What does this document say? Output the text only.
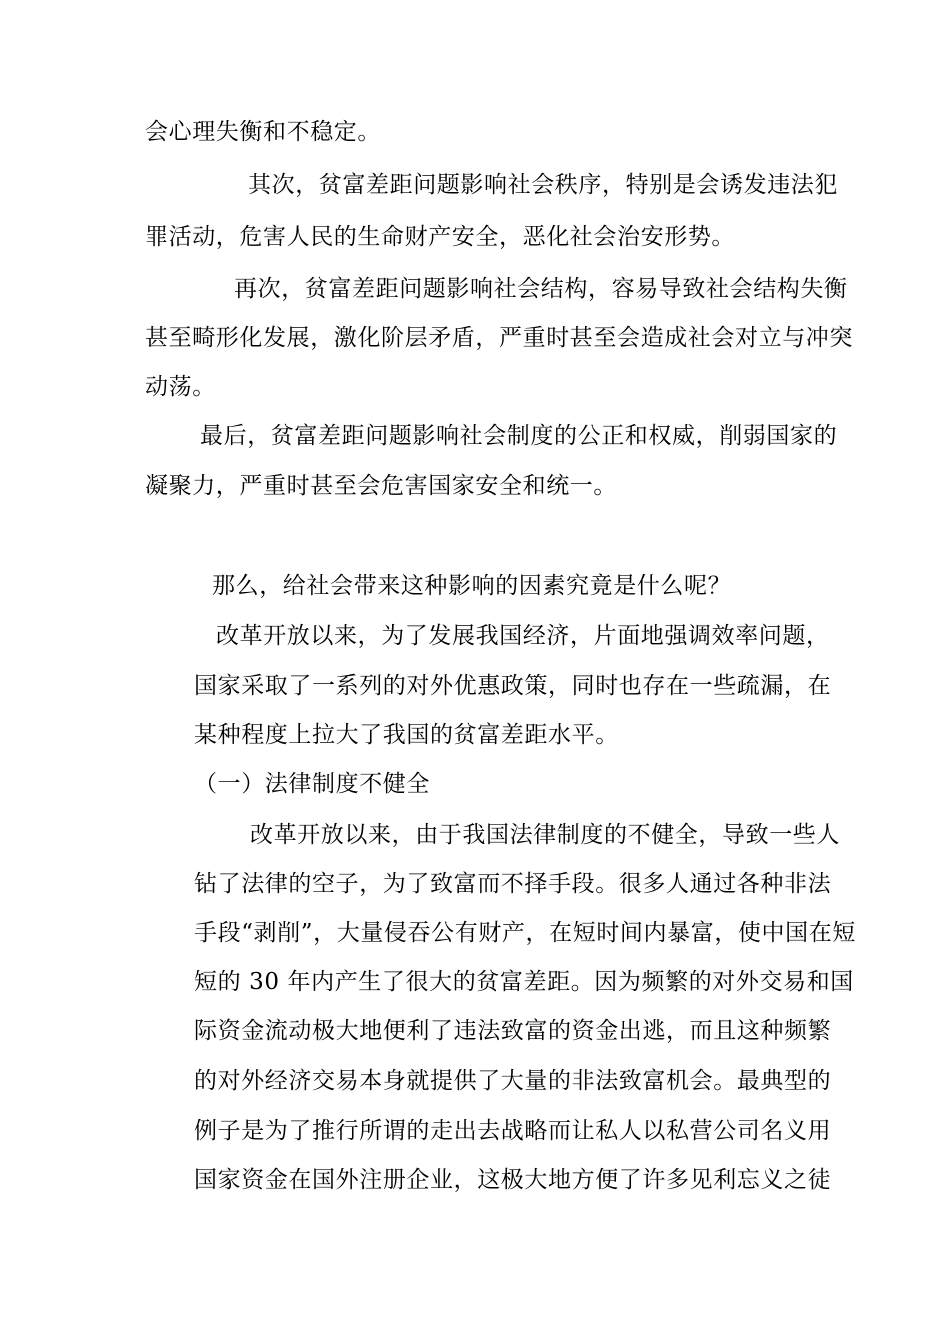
会心理失衡和不稳定。
其次，贫富差距问题影响社会秩序，特别是会诱发违法犯
罪活动，危害人民的生命财产安全，恶化社会治安形势。
再次，贫富差距问题影响社会结构，容易导致社会结构失衡
甚至畸形化发展，激化阶层矛盾，严重时甚至会造成社会对立与冲突
动荡。
最后，贫富差距问题影响社会制度的公正和权威，削弱国家的
凝聚力，严重时甚至会危害国家安全和统一。
那么，给社会带来这种影响的因素究竟是什么呢？
改革开放以来，为了发展我国经济，片面地强调效率问题，
国家采取了一系列的对外优惠政策，同时也存在一些疏漏，在
某种程度上拉大了我国的贫富差距水平。
（一）法律制度不健全
改革开放以来，由于我国法律制度的不健全，导致一些人
钻了法律的空子，为了致富而不择手段。很多人通过各种非法
手段“剥削”，大量侵吞公有财产，在短时间内暴富，使中国在短
短的 30 年内产生了很大的贫富差距。因为频繁的对外交易和国
际资金流动极大地便利了违法致富的资金出逃，而且这种频繁
的对外经济交易本身就提供了大量的非法致富机会。最典型的
例子是为了推行所谓的走出去战略而让私人以私营公司名义用
国家资金在国外注册企业，这极大地方便了许多见利忘义之徒
